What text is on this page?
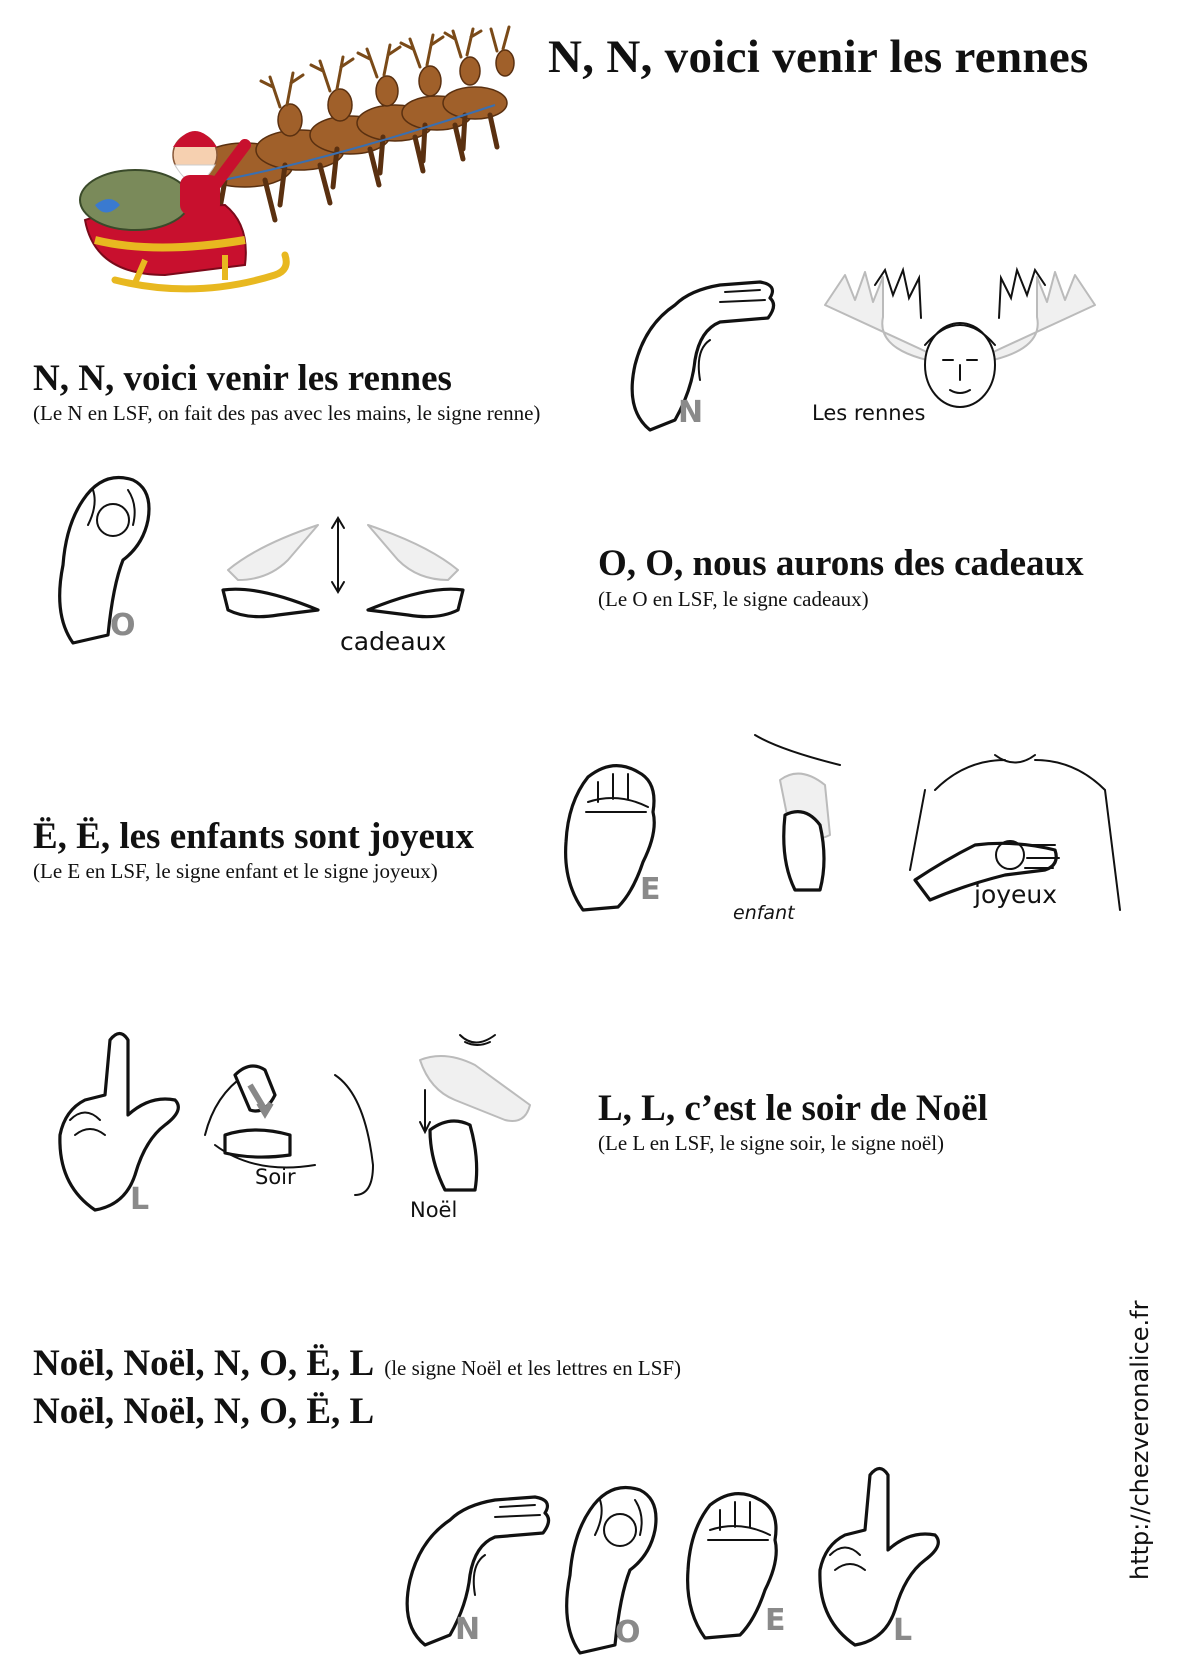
N, N, voici venir les rennes
N, N, voici venir les rennes
(Le N en LSF, on fait des pas avec les mains, le signe renne)	N	Les rennes
O	cadeaux
O, O, nous aurons des cadeaux
(Le O en LSF, le signe cadeaux)
Ë, Ë, les enfants sont joyeux
(Le E en LSF, le signe enfant et le signe joyeux)
E
enfant
joyeux
L
Soir
Noël
L, L, c’est le soir de Noël
(Le L en LSF, le signe soir, le signe noël)
Noël, Noël, N, O, Ë, L (le signe Noël et les lettres en LSF)
Noël, Noël, N, O, Ë, L
N	O	E	L
http://chezveronalice.fr
